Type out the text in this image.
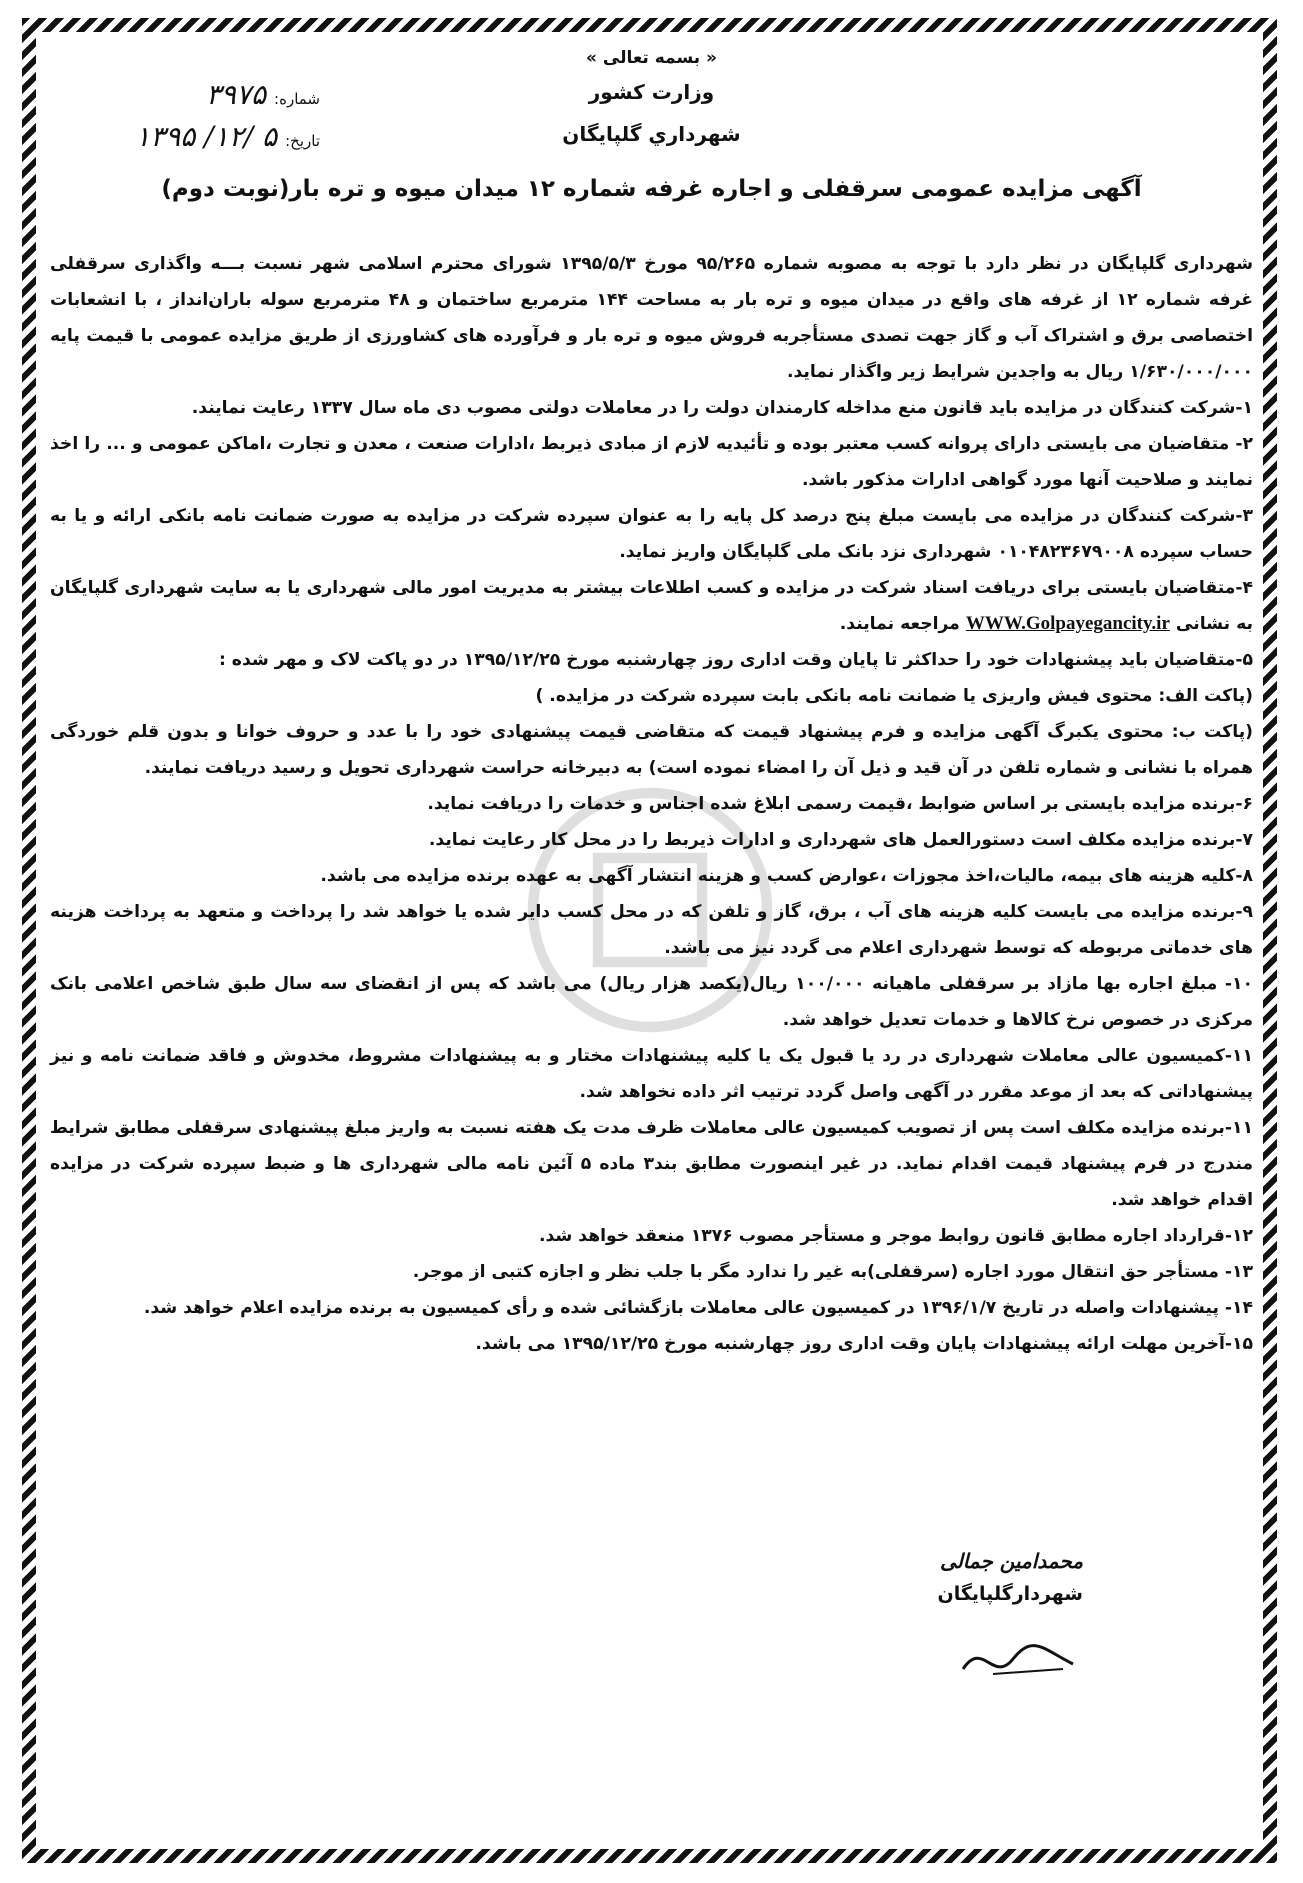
« بسمه تعالی »
وزارت کشور
شهرداري گلپایگان
شماره:
۳۹۷۵
تاريخ:
۵ /۱۲/ ۱۳۹۵
آگهی مزایده عمومی سرقفلی و اجاره غرفه شماره ۱۲ میدان میوه و تره بار(نوبت دوم)

شهرداری گلپایگان در نظر دارد با توجه به مصوبه شماره ۹۵/۲۶۵ مورخ ۱۳۹۵/۵/۳ شورای محترم اسلامی شهر نسبت بـــه واگذاری سرقفلی غرفه شماره ۱۲ از غرفه های واقع در میدان میوه و تره بار به مساحت ۱۴۴ مترمربع ساختمان و ۴۸ مترمربع سوله باران‌انداز ، با انشعابات اختصاصی برق و اشتراک آب و گاز جهت تصدی مستأجربه فروش میوه و تره بار و فرآورده های کشاورزی از طریق مزایده عمومی با قیمت پایه ۱/۶۳۰/۰۰۰/۰۰۰ ریال به واجدین شرایط زیر واگذار نماید.

۱-شرکت کنندگان در مزایده باید قانون منع مداخله کارمندان دولت را در معاملات دولتی مصوب دی ماه سال ۱۳۳۷ رعایت نمایند.

۲- متقاضیان می بایستی دارای پروانه کسب معتبر بوده و تأئیدیه لازم از مبادی ذیربط ،ادارات صنعت ، معدن و تجارت ،اماکن عمومی و ... را اخذ نمایند و صلاحیت آنها مورد گواهی ادارات مذکور باشد.

۳-شرکت کنندگان در مزایده می بایست مبلغ پنج درصد کل پایه را به عنوان سپرده شرکت در مزایده به صورت ضمانت نامه بانکی ارائه و یا به حساب سپرده ۰۱۰۴۸۲۳۶۷۹۰۰۸ شهرداری نزد بانک ملی گلپایگان واریز نماید.

۴-متقاضیان بایستی برای دریافت اسناد شرکت در مزایده و کسب اطلاعات بیشتر به مدیریت امور مالی شهرداری یا به سایت شهرداری گلپایگان به نشانی WWW.Golpayegancity.ir مراجعه نمایند.

۵-متقاضیان باید پیشنهادات خود را حداکثر تا پایان وقت اداری روز چهارشنبه مورخ ۱۳۹۵/۱۲/۲۵ در دو پاکت لاک و مهر شده :

(پاکت الف: محتوی فیش واریزی یا ضمانت نامه بانکی بابت سپرده شرکت در مزایده. )

(پاکت ب: محتوی یکبرگ آگهی مزایده و فرم پیشنهاد قیمت که متقاضی قیمت پیشنهادی خود را با عدد و حروف خوانا و بدون قلم خوردگی همراه با نشانی و شماره تلفن در آن قید و ذیل آن را امضاء نموده است) به دبیرخانه حراست شهرداری تحویل و رسید دریافت نمایند.

۶-برنده مزایده بایستی بر اساس ضوابط ،قیمت رسمی ابلاغ شده اجناس و خدمات را دریافت نماید.

۷-برنده مزایده مکلف است دستورالعمل های شهرداری و ادارات ذیربط را در محل کار رعایت نماید.

۸-کلیه هزینه های بیمه، مالیات،اخذ مجوزات ،عوارض کسب و هزینه انتشار آگهی به عهده برنده مزایده می باشد.

۹-برنده مزایده می بایست کلیه هزینه های آب ، برق، گاز و تلفن که در محل کسب دایر شده یا خواهد شد را پرداخت و متعهد به پرداخت هزینه های خدماتی مربوطه که توسط شهرداری اعلام می گردد نیز می باشد.

۱۰- مبلغ اجاره بها مازاد بر سرقفلی ماهیانه ۱۰۰/۰۰۰ ریال(یکصد هزار ریال) می باشد که پس از انقضای سه سال طبق شاخص اعلامی بانک مرکزی در خصوص نرخ کالاها و خدمات تعدیل خواهد شد.

۱۱-کمیسیون عالی معاملات شهرداری در رد یا قبول یک یا کلیه پیشنهادات مختار و به پیشنهادات مشروط، مخدوش و فاقد ضمانت نامه و نیز پیشنهاداتی که بعد از موعد مقرر در آگهی واصل گردد ترتیب اثر داده نخواهد شد.

۱۱-برنده مزایده مکلف است پس از تصویب کمیسیون عالی معاملات ظرف مدت یک هفته نسبت به واریز مبلغ پیشنهادی سرقفلی مطابق شرایط مندرج در فرم پیشنهاد قیمت اقدام نماید. در غیر اینصورت مطابق بند۳ ماده ۵ آئین نامه مالی شهرداری ها و ضبط سپرده شرکت در مزایده اقدام خواهد شد.

۱۲-قرارداد اجاره مطابق قانون روابط موجر و مستأجر مصوب ۱۳۷۶ منعقد خواهد شد.

۱۳- مستأجر حق انتقال مورد اجاره (سرقفلی)به غیر را ندارد مگر با جلب نظر و اجازه کتبی از موجر.

۱۴- پیشنهادات واصله در تاریخ ۱۳۹۶/۱/۷ در کمیسیون عالی معاملات بازگشائی شده و رأی کمیسیون به برنده مزایده اعلام خواهد شد.

۱۵-آخرین مهلت ارائه پیشنهادات پایان وقت اداری روز چهارشنبه مورخ ۱۳۹۵/۱۲/۲۵ می باشد.

محمدامین جمالی
شهردارگلپایگان
